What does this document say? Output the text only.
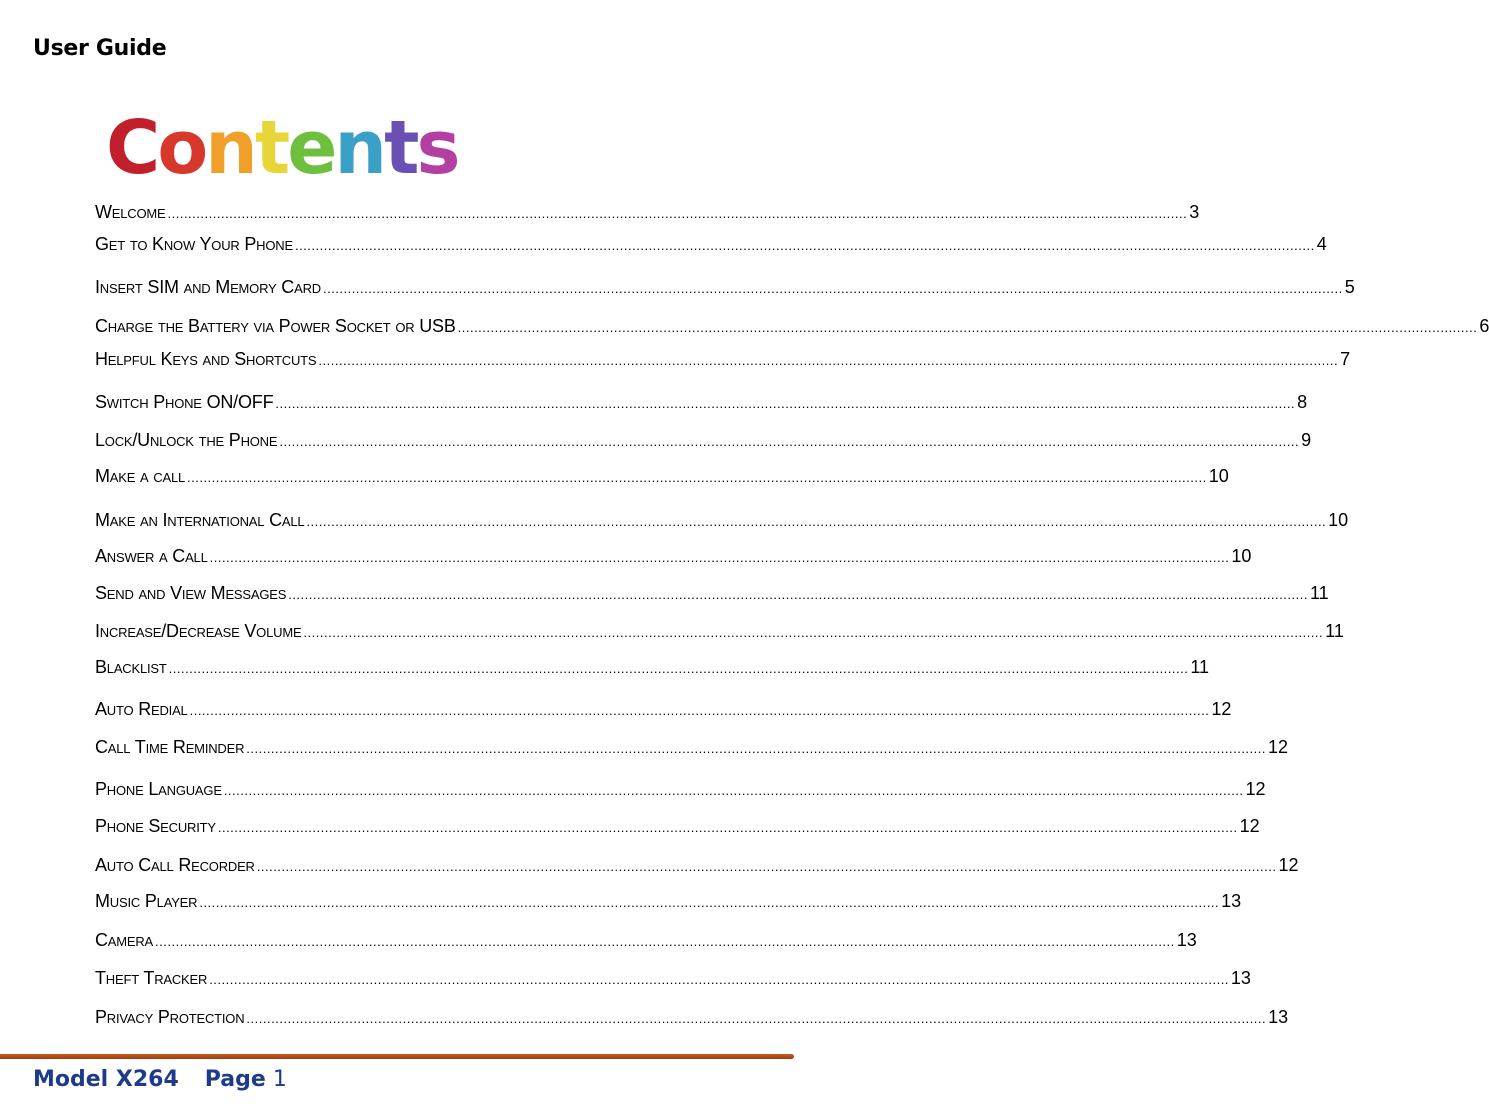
User Guide
Contents
Welcome .....	3
Get to Know Your Phone .....	4
Insert SIM and Memory Card .....	5
Charge the Battery via Power Socket or USB .....	6
Helpful Keys and Shortcuts .....	7
Switch Phone ON/OFF .....	8
Lock/Unlock the Phone .....	9
Make a call .....	10
Make an International Call .....	10
Answer a Call .....	10
Send and View Messages .....	11
Increase/Decrease Volume .....	11
Blacklist .....	11
Auto Redial .....	12
Call Time Reminder .....	12
Phone Language .....	12
Phone Security .....	12
Auto Call Recorder .....	12
Music Player .....	13
Camera .....	13
Theft Tracker .....	13
Privacy Protection .....	13
Model X264 Page 1
